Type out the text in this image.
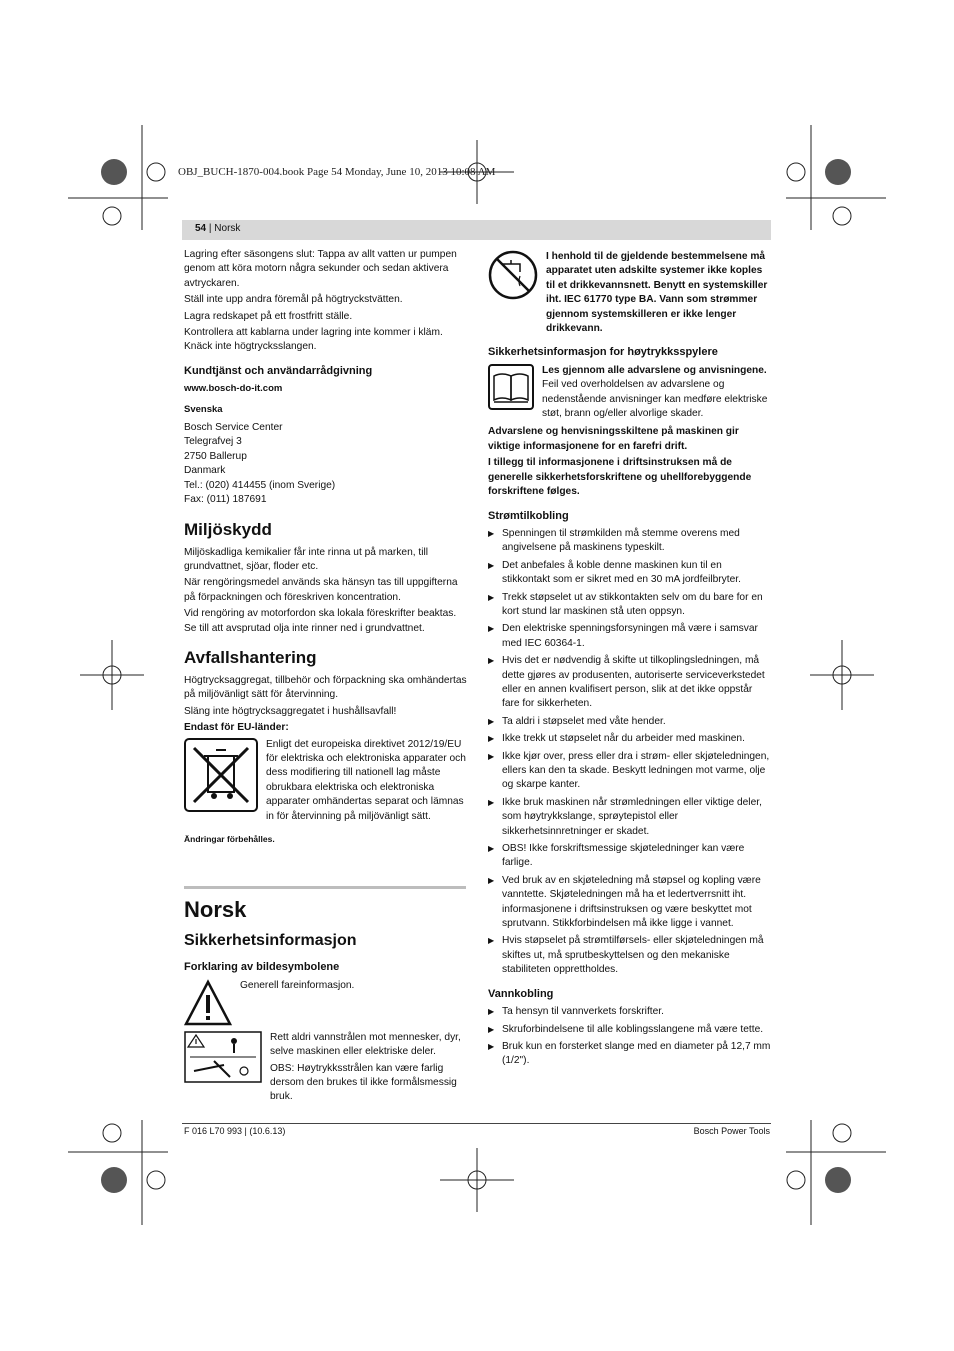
OBJ_BUCH-1870-004.book Page 54 Monday, June 10, 2013 10:08 AM
54 | Norsk

Lagring efter säsongens slut: Tappa av allt vatten ur pumpen genom att köra motorn några sekunder och sedan aktivera avtryckaren.

Ställ inte upp andra föremål på högtryckstvätten.

Lagra redskapet på ett frostfritt ställe.

Kontrollera att kablarna under lagring inte kommer i kläm. Knäck inte högtrycksslangen.

Kundtjänst och användarrådgivning

www.bosch-do-it.com

Svenska

Bosch Service Center
Telegrafvej 3
2750 Ballerup
Danmark
Tel.: (020) 414455 (inom Sverige)
Fax: (011) 187691
Miljöskydd

Miljöskadliga kemikalier får inte rinna ut på marken, till grundvattnet, sjöar, floder etc.

När rengöringsmedel används ska hänsyn tas till uppgifterna på förpackningen och föreskriven koncentration.

Vid rengöring av motorfordon ska lokala föreskrifter beaktas. Se till att avsprutad olja inte rinner ned i grundvattnet.

Avfallshantering

Högtrycksaggregat, tillbehör och förpackning ska omhändertas på miljövänligt sätt för återvinning.

Släng inte högtrycksaggregatet i hushållsavfall!

Endast för EU-länder:

Enligt det europeiska direktivet 2012/19/EU för elektriska och elektroniska apparater och dess modifiering till nationell lag måste obrukbara elektriska och elektroniska apparater omhändertas separat och lämnas in för återvinning på miljövänligt sätt.

Ändringar förbehålles.

Norsk
Sikkerhetsinformasjon
Forklaring av bildesymbolene
Generell fareinformasjon.

Rett aldri vannstrålen mot mennesker, dyr, selve maskinen eller elektriske deler.

OBS: Høytrykksstrålen kan være farlig dersom den brukes til ikke formålsmessig bruk.

I henhold til de gjeldende bestemmelsene må apparatet uten adskilte systemer ikke koples til et drikkevannsnett. Benytt en systemskiller iht. IEC 61770 type BA. Vann som strømmer gjennom systemskilleren er ikke lenger drikkevann.
Sikkerhetsinformasjon for høytrykksspylere
Les gjennom alle advarslene og anvisningene. Feil ved overholdelsen av advarslene og nedenstående anvisninger kan medføre elektriske støt, brann og/eller alvorlige skader.

Advarslene og henvisningsskiltene på maskinen gir viktige informasjonene for en farefri drift.

I tillegg til informasjonene i driftsinstruksen må de generelle sikkerhetsforskriftene og uhellforebyggende forskriftene følges.

Strømtilkobling
▶ Spenningen til strømkilden må stemme overens med angivelsene på maskinens typeskilt.
▶ Det anbefales å koble denne maskinen kun til en stikkontakt som er sikret med en 30 mA jordfeilbryter.
▶ Trekk støpselet ut av stikkontakten selv om du bare for en kort stund lar maskinen stå uten oppsyn.
▶ Den elektriske spenningsforsyningen må være i samsvar med IEC 60364-1.
▶ Hvis det er nødvendig å skifte ut tilkoplingsledningen, må dette gjøres av produsenten, autoriserte serviceverkstedet eller en annen kvalifisert person, slik at det ikke oppstår fare for sikkerheten.
▶ Ta aldri i støpselet med våte hender.
▶ Ikke trekk ut støpselet når du arbeider med maskinen.
▶ Ikke kjør over, press eller dra i strøm- eller skjøteledningen, ellers kan den ta skade. Beskytt ledningen mot varme, olje og skarpe kanter.
▶ Ikke bruk maskinen når strømledningen eller viktige deler, som høytrykkslange, sprøytepistol eller sikkerhetsinnretninger er skadet.
▶ OBS! Ikke forskriftsmessige skjøteledninger kan være farlige.
▶ Ved bruk av en skjøteledning må støpsel og kopling være vanntette. Skjøteledningen må ha et ledertverrsnitt iht. informasjonene i driftsinstruksen og være beskyttet mot sprutvann. Stikkforbindelsen må ikke ligge i vannet.
▶ Hvis støpselet på strømtilførsels- eller skjøteledningen må skiftes ut, må sprutbeskyttelsen og den mekaniske stabiliteten opprettholdes.
Vannkobling
▶ Ta hensyn til vannverkets forskrifter.
▶ Skruforbindelsene til alle koblingsslangene må være tette.
▶ Bruk kun en forsterket slange med en diameter på 12,7 mm (1/2").
F 016 L70 993 | (10.6.13)	Bosch Power Tools
